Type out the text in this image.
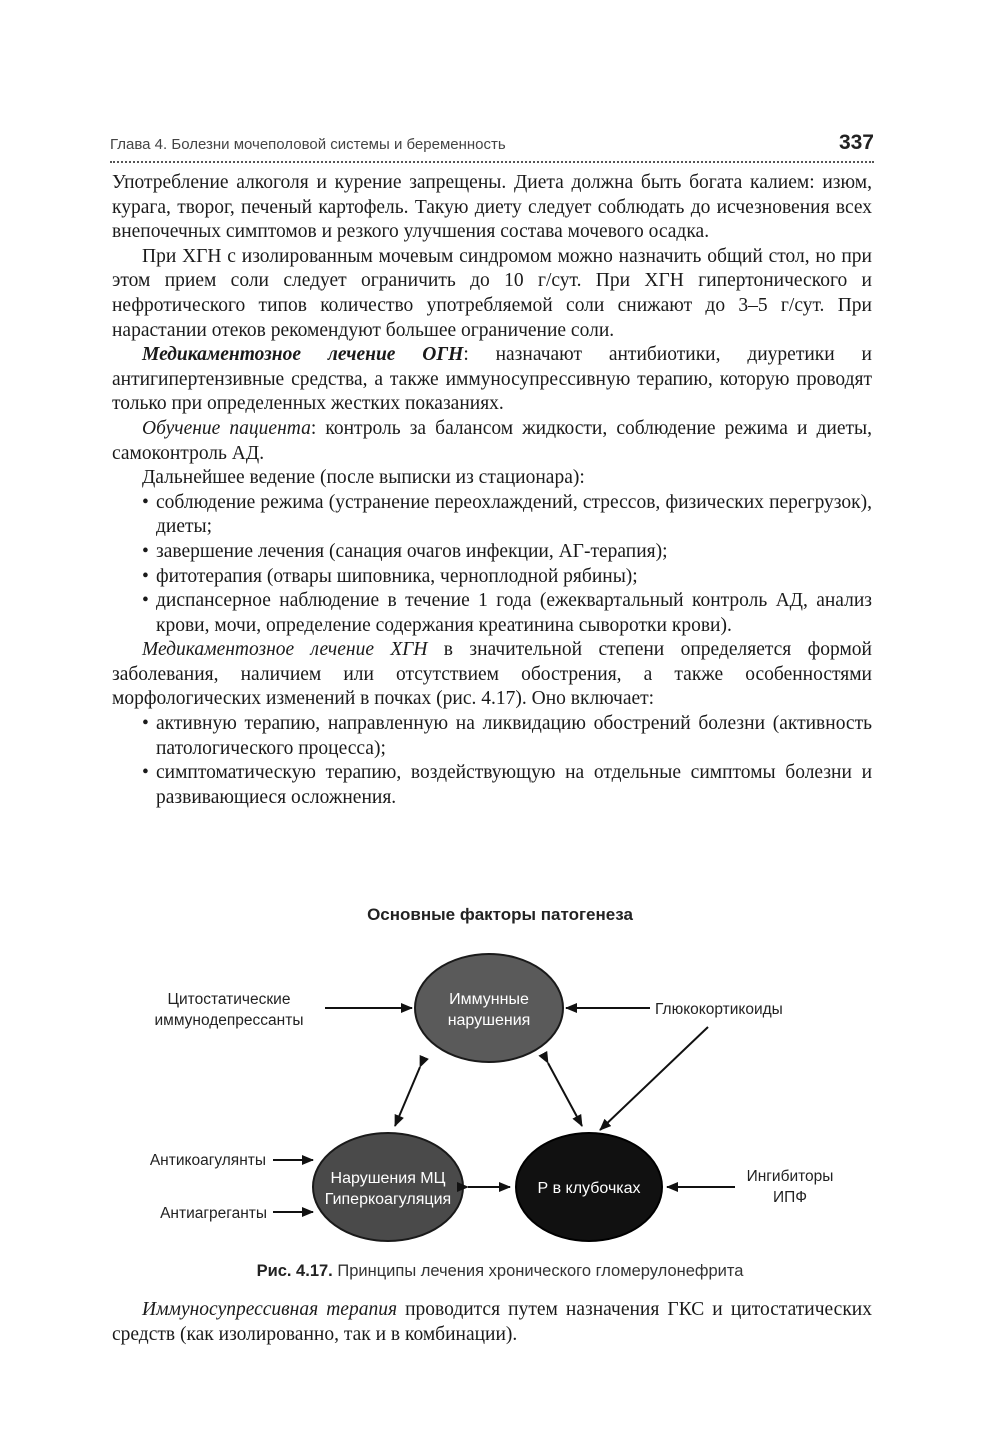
Глава 4. Болезни мочеполовой системы и беременность	337

Употребление алкоголя и курение запрещены. Диета должна быть богата калием: изюм, курага, творог, печеный картофель. Такую диету следует соблюдать до исчезновения всех внепочечных симптомов и резкого улучшения состава мочевого осадка.

При ХГН с изолированным мочевым синдромом можно назначить общий стол, но при этом прием соли следует ограничить до 10 г/сут. При ХГН гипертонического и нефротического типов количество употребляемой соли снижают до 3–5 г/сут. При нарастании отеков рекомендуют большее ограничение соли.

Медикаментозное лечение ОГН: назначают антибиотики, диуретики и антигипертензивные средства, а также иммуносупрессивную терапию, которую проводят только при определенных жестких показаниях.

Обучение пациента: контроль за балансом жидкости, соблюдение режима и диеты, самоконтроль АД.

Дальнейшее ведение (после выписки из стационара):

• соблюдение режима (устранение переохлаждений, стрессов, физических перегрузок), диеты;
• завершение лечения (санация очагов инфекции, АГ-терапия);
• фитотерапия (отвары шиповника, черноплодной рябины);
• диспансерное наблюдение в течение 1 года (ежеквартальный контроль АД, анализ крови, мочи, определение содержания креатинина сыворотки крови).

Медикаментозное лечение ХГН в значительной степени определяется формой заболевания, наличием или отсутствием обострения, а также особенностями морфологических изменений в почках (рис. 4.17). Оно включает:

• активную терапию, направленную на ликвидацию обострений болезни (активность патологического процесса);
• симптоматическую терапию, воздействующую на отдельные симптомы болезни и развивающиеся осложнения.
Основные факторы патогенеза
Иммунные
нарушения
Нарушения МЦ
Гиперкоагуляция
Р в клубочках
Цитостатические
иммунодепрессанты
Глюкокортикоиды
Антикоагулянты
Антиагреганты
Ингибиторы
ИПФ
Рис. 4.17. Принципы лечения хронического гломерулонефрита

Иммуносупрессивная терапия проводится путем назначения ГКС и цитостатических средств (как изолированно, так и в комбинации).
